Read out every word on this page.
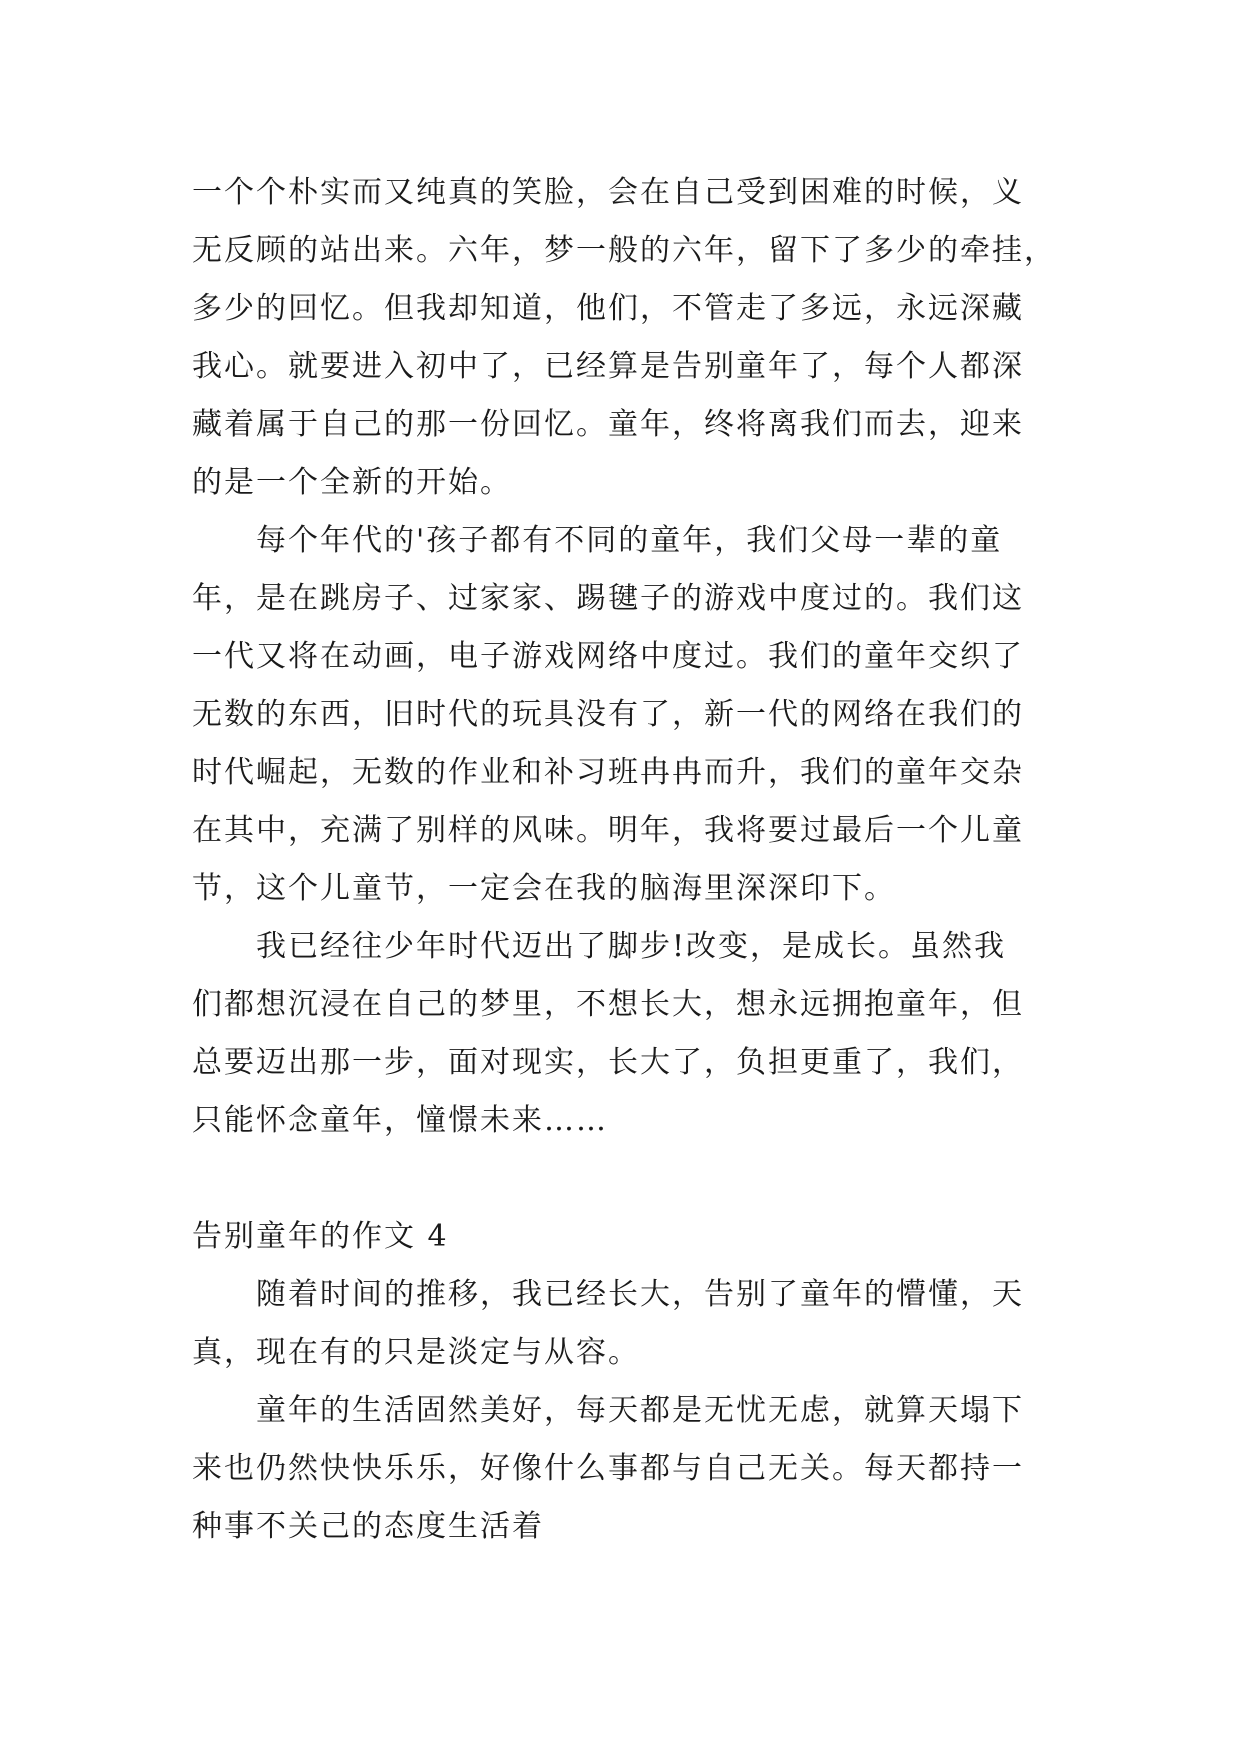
一个个朴实而又纯真的笑脸，会在自己受到困难的时候，义

无反顾的站出来。六年，梦一般的六年，留下了多少的牵挂，

多少的回忆。但我却知道，他们，不管走了多远，永远深藏

我心。就要进入初中了，已经算是告别童年了，每个人都深

藏着属于自己的那一份回忆。童年，终将离我们而去，迎来

的是一个全新的开始。

　　每个年代的'孩子都有不同的童年，我们父母一辈的童

年，是在跳房子、过家家、踢毽子的游戏中度过的。我们这

一代又将在动画，电子游戏网络中度过。我们的童年交织了

无数的东西，旧时代的玩具没有了，新一代的网络在我们的

时代崛起，无数的作业和补习班冉冉而升，我们的童年交杂

在其中，充满了别样的风味。明年，我将要过最后一个儿童

节，这个儿童节，一定会在我的脑海里深深印下。

　　我已经往少年时代迈出了脚步!改变，是成长。虽然我

们都想沉浸在自己的梦里，不想长大，想永远拥抱童年，但

总要迈出那一步，面对现实，长大了，负担更重了，我们，

只能怀念童年，憧憬未来……

告别童年的作文 4

　　随着时间的推移，我已经长大，告别了童年的懵懂，天

真，现在有的只是淡定与从容。

　　童年的生活固然美好，每天都是无忧无虑，就算天塌下

来也仍然快快乐乐，好像什么事都与自己无关。每天都持一

种事不关己的态度生活着
